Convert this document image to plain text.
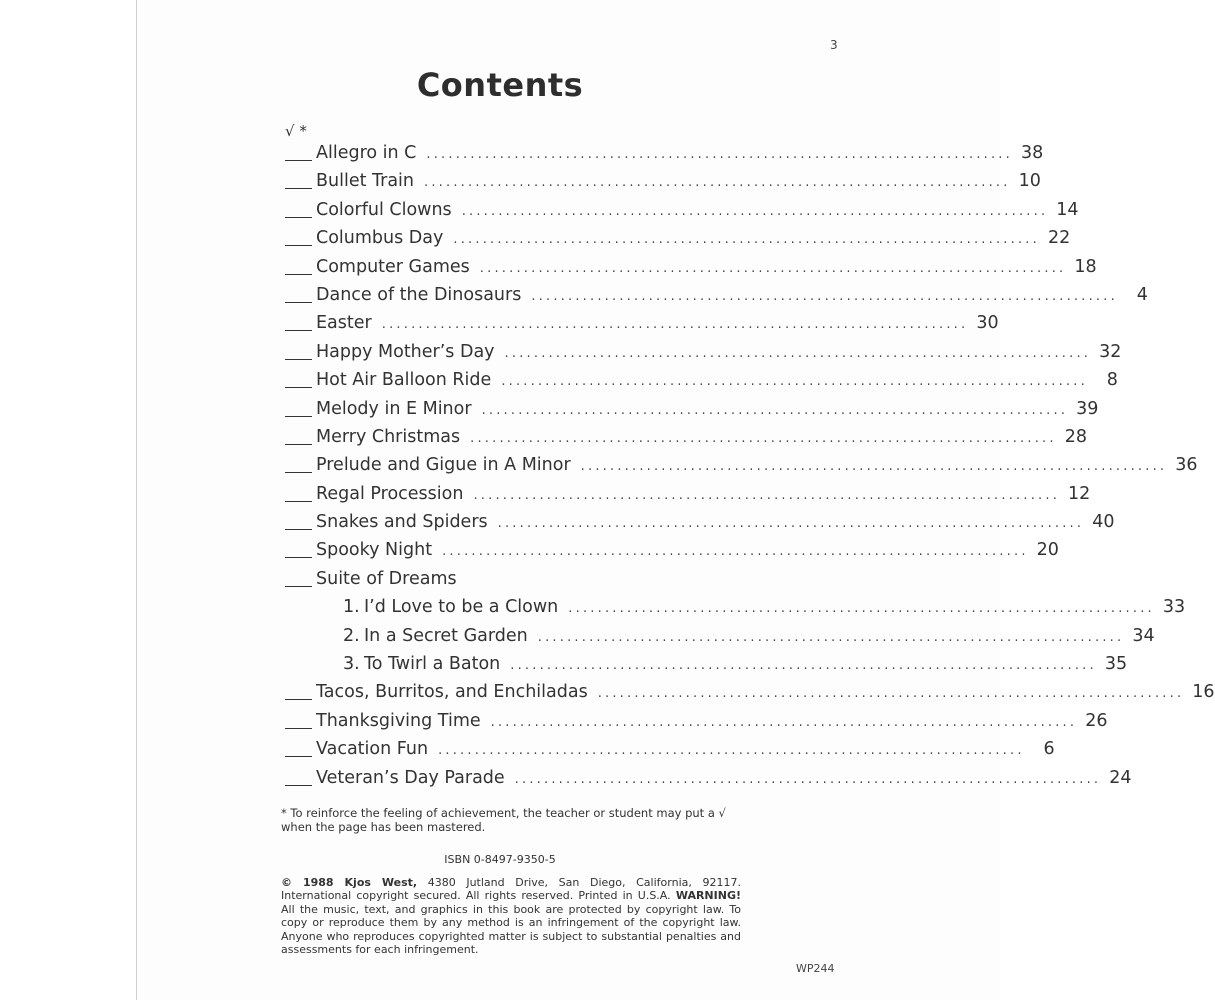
3
Contents
√ *
Allegro in C ................................................................................ 38
Bullet Train ................................................................................ 10
Colorful Clowns ................................................................................ 14
Columbus Day ................................................................................ 22
Computer Games ................................................................................ 18
Dance of the Dinosaurs ................................................................................	4
Easter ................................................................................ 30
Happy Mother’s Day ................................................................................ 32
Hot Air Balloon Ride ................................................................................	8
Melody in E Minor ................................................................................ 39
Merry Christmas ................................................................................ 28
Prelude and Gigue in A Minor ................................................................................ 36
Regal Procession ................................................................................ 12
Snakes and Spiders ................................................................................ 40
Spooky Night ................................................................................ 20
Suite of Dreams
1. I’d Love to be a Clown ................................................................................ 33
2. In a Secret Garden ................................................................................ 34
3. To Twirl a Baton ................................................................................ 35
Tacos, Burritos, and Enchiladas ................................................................................ 16
Thanksgiving Time ................................................................................ 26
Vacation Fun ................................................................................	6
Veteran’s Day Parade ................................................................................ 24
* To reinforce the feeling of achievement, the teacher or student may put a √
when the page has been mastered.
ISBN 0-8497-9350-5
© 1988 Kjos West, 4380 Jutland Drive, San Diego, California, 92117. International copyright secured. All rights reserved. Printed in U.S.A. WARNING! All the music, text, and graphics in this book are protected by copyright law. To copy or reproduce them by any method is an infringement of the copyright law. Anyone who reproduces copyrighted matter is subject to substantial penalties and assessments for each infringement.
WP244
